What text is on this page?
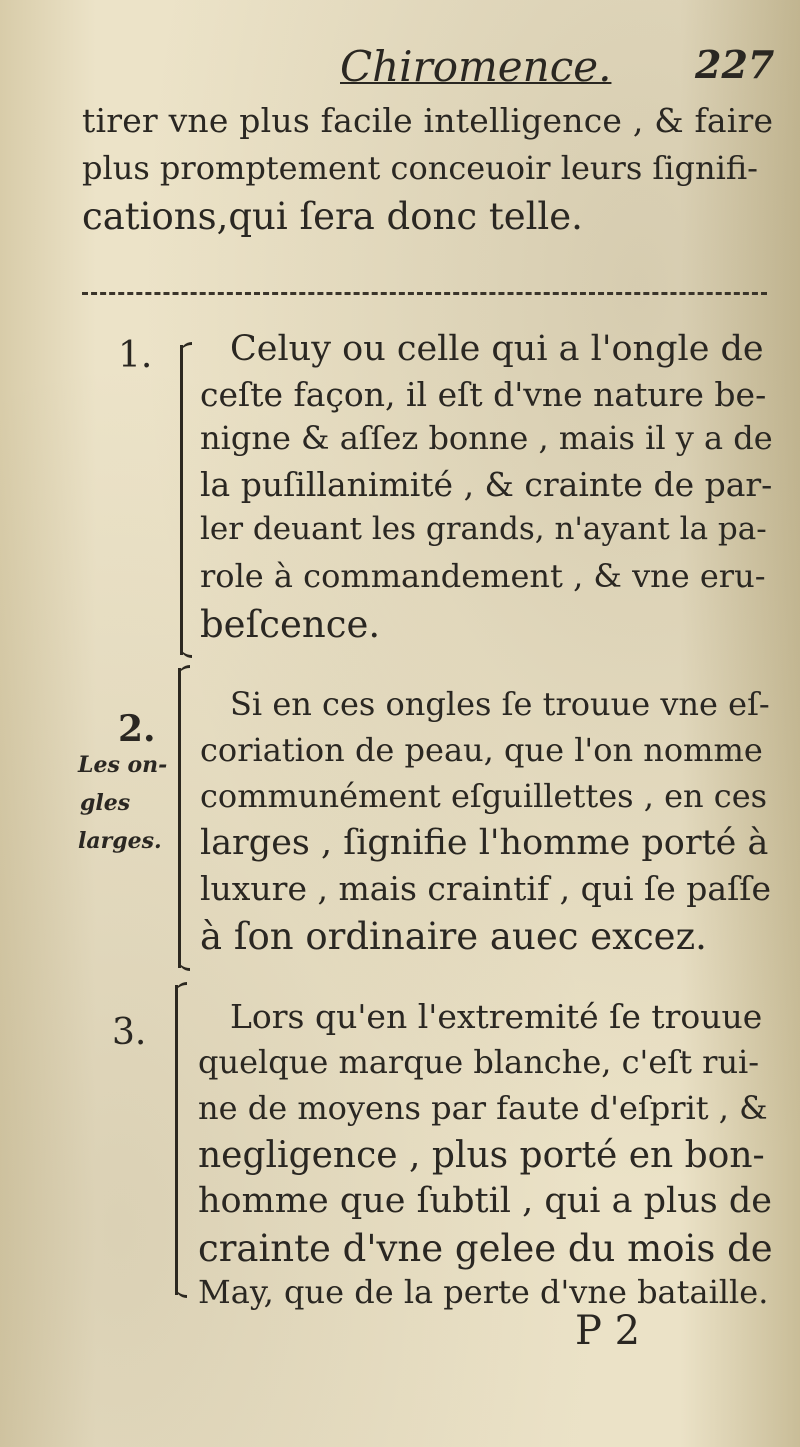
Chiromence. 227
tirer vne plus facile intelligence , & faire
plus promptement conceuoir leurs ſignifi-
cations,qui ſera donc telle.
1. Celuy ou celle qui a l'ongle de
ceſte façon, il eſt d'vne nature be-
nigne & aſſez bonne , mais il y a de
la puſillanimité , & crainte de par-
ler deuant les grands, n'ayant la pa-
role à commandement , & vne eru-
beſcence.
2.
Les on-
gles
larges.
Si en ces ongles ſe trouue vne eſ-
coriation de peau, que l'on nomme
communément eſguillettes , en ces
larges , ſignifie l'homme porté à
luxure , mais craintif , qui ſe paſſe
à ſon ordinaire auec excez.
3.	Lors qu'en l'extremité ſe trouue
quelque marque blanche, c'eſt rui-
ne de moyens par faute d'eſprit , &
negligence , plus porté en bon-
homme que ſubtil , qui a plus de
crainte d'vne gelee du mois de
May, que de la perte d'vne bataille.
P 2
